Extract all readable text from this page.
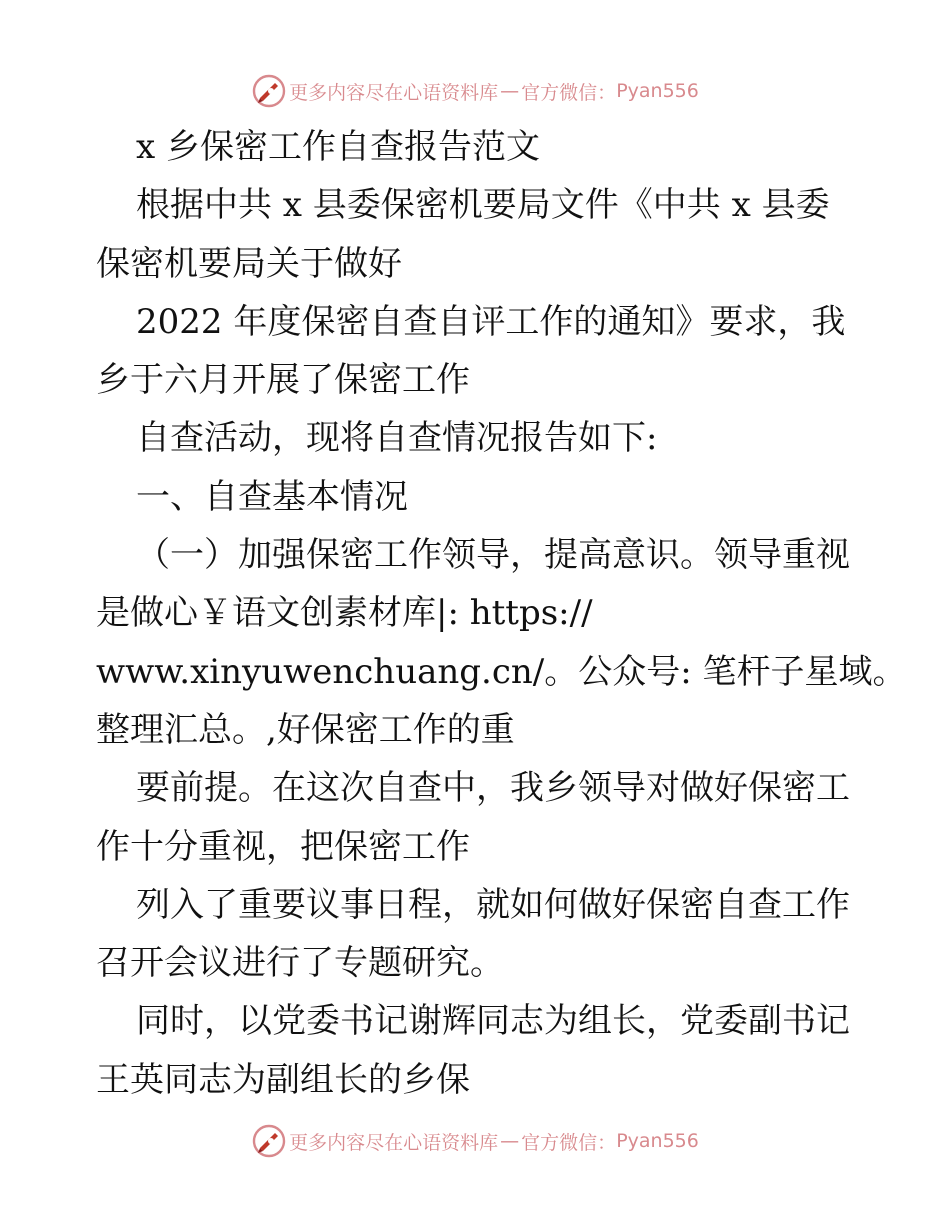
更多内容尽在心语资料库 — 官方微信： Pyan556
x 乡保密工作自查报告范文
根据中共 x 县委保密机要局文件《中共 x 县委
保密机要局关于做好
2022 年度保密自查自评工作的通知》要求，我
乡于六月开展了保密工作
自查活动，现将自查情况报告如下:
一、自查基本情况
（一）加强保密工作领导，提高意识。领导重视
是做心￥语文创素材库|: https://
www.xinyuwenchuang.cn/。公众号: 笔杆子星域。
整理汇总。,好保密工作的重
要前提。在这次自查中，我乡领导对做好保密工
作十分重视，把保密工作
列入了重要议事日程，就如何做好保密自查工作
召开会议进行了专题研究。
同时，以党委书记谢辉同志为组长，党委副书记
王英同志为副组长的乡保
更多内容尽在心语资料库 — 官方微信： Pyan556
